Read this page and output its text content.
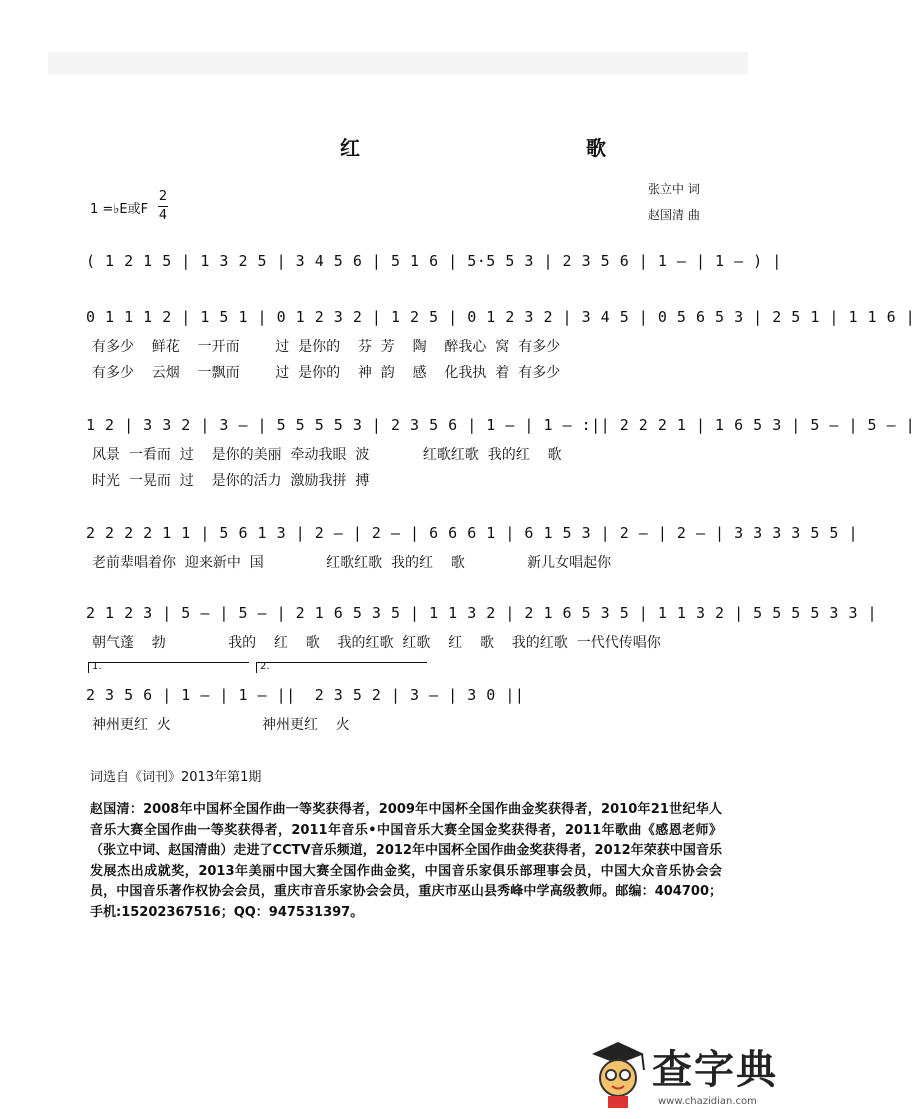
红　　歌
张立中 词
赵国清 曲
1 =♭E或F
2
4
( 1 2 1 5 | 1 3 2 5 | 3 4 5 6 | 5 1 6 | 5·5 5 3 | 2 3 5 6 | 1 — | 1 — ) |
0 1 1 1 2 | 1 5 1 | 0 1 2 3 2 | 1 2 5 | 0 1 2 3 2 | 3 4 5 | 0 5 6 5 3 | 2 5 1 | 1 1 6 |
有多少    鲜花    一开而        过  是你的    芬  芳    陶    醉我心  窝  有多少
有多少    云烟    一飘而        过  是你的    神  韵    感    化我执  着  有多少
1 2 | 3 3 2 | 3 — | 5 5 5 5 3 | 2 3 5 6 | 1 — | 1 — :|| 2 2 2 1 | 1 6 5 3 | 5 — | 5 — |
风景  一看而  过    是你的美丽  牵动我眼  波            红歌红歌  我的红    歌
时光  一晃而  过    是你的活力  激励我拼  搏
2 2 2 2 1 1 | 5 6 1 3 | 2 — | 2 — | 6 6 6 1 | 6 1 5 3 | 2 — | 2 — | 3 3 3 3 5 5 |
老前辈唱着你  迎来新中  国              红歌红歌  我的红    歌              新儿女唱起你
2 1 2 3 | 5 — | 5 — | 2 1 6 5 3 5 | 1 1 3 2 | 2 1 6 5 3 5 | 1 1 3 2 | 5 5 5 5 3 3 |
朝气蓬    勃              我的    红    歌    我的红歌  红歌    红    歌    我的红歌  一代代传唱你
1.	2.
2 3 5 6 | 1 — | 1 — ||  2 3 5 2 | 3 — | 3 0 ||
神州更红  火	神州更红    火
词选自《词刊》2013年第1期
赵国清：2008年中国杯全国作曲一等奖获得者，2009年中国杯全国作曲金奖获得者，2010年21世纪华人音乐大赛全国作曲一等奖获得者，2011年音乐•中国音乐大赛全国金奖获得者，2011年歌曲《感恩老师》（张立中词、赵国清曲）走进了CCTV音乐频道，2012年中国杯全国作曲金奖获得者，2012年荣获中国音乐发展杰出成就奖，2013年美丽中国大赛全国作曲金奖，中国音乐家俱乐部理事会员，中国大众音乐协会会员，中国音乐著作权协会会员，重庆市音乐家协会会员，重庆市巫山县秀峰中学高级教师。邮编：404700；手机:15202367516；QQ：947531397。
查字典
www.chazidian.com
